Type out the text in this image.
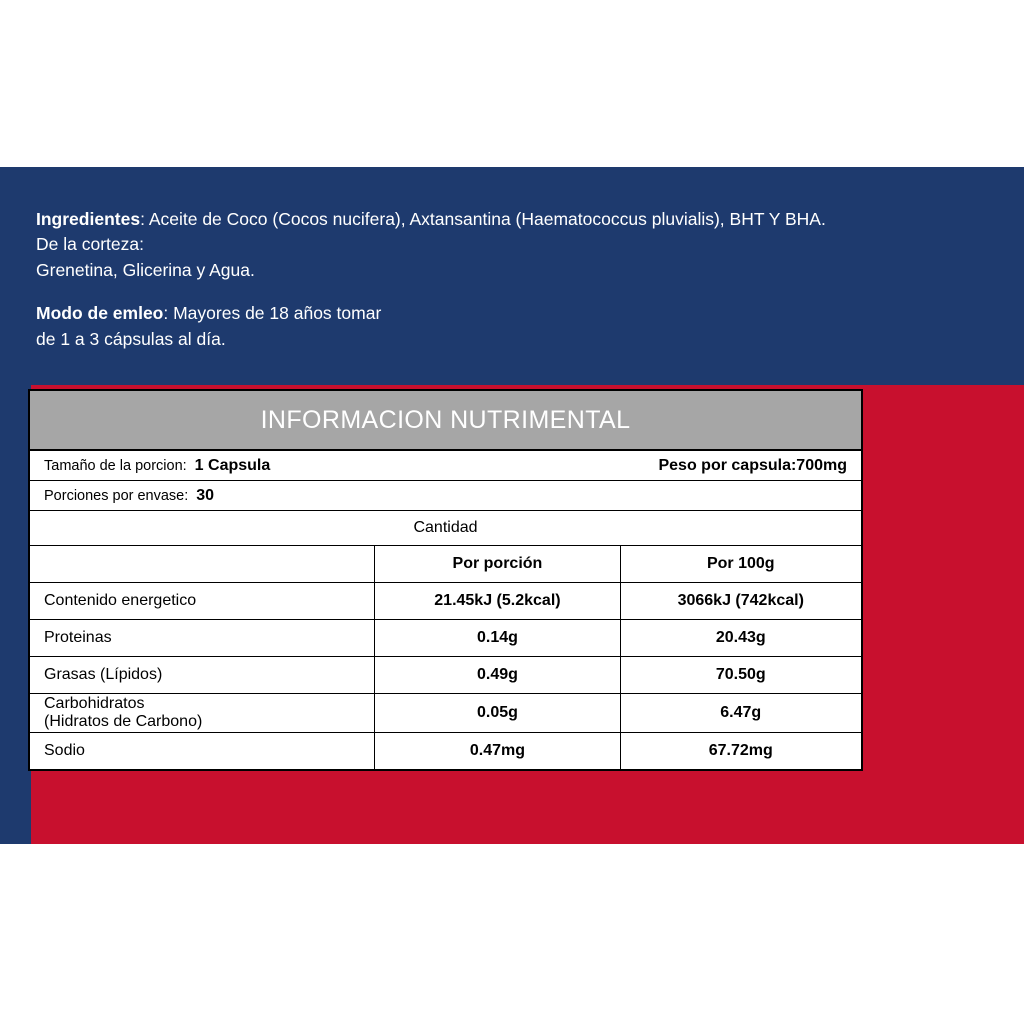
Ingredientes: Aceite de Coco (Cocos nucifera), Axtansantina (Haematococcus pluvialis), BHT Y BHA.

De la corteza:

Grenetina, Glicerina y Agua.

Modo de emleo: Mayores de 18 años tomar

de 1 a 3 cápsulas al día.

INFORMACION NUTRIMENTAL
Tamaño de la porcion: 1 Capsula	Peso por capsula:700mg
Porciones por envase: 30
Cantidad		
	Por porción	Por 100g
Contenido energetico	21.45kJ (5.2kcal)	3066kJ (742kcal)
Proteinas	0.14g	20.43g
Grasas (Lípidos)	0.49g	70.50g
Carbohidratos
(Hidratos de Carbono)	0.05g	6.47g
Sodio	0.47mg	67.72mg
